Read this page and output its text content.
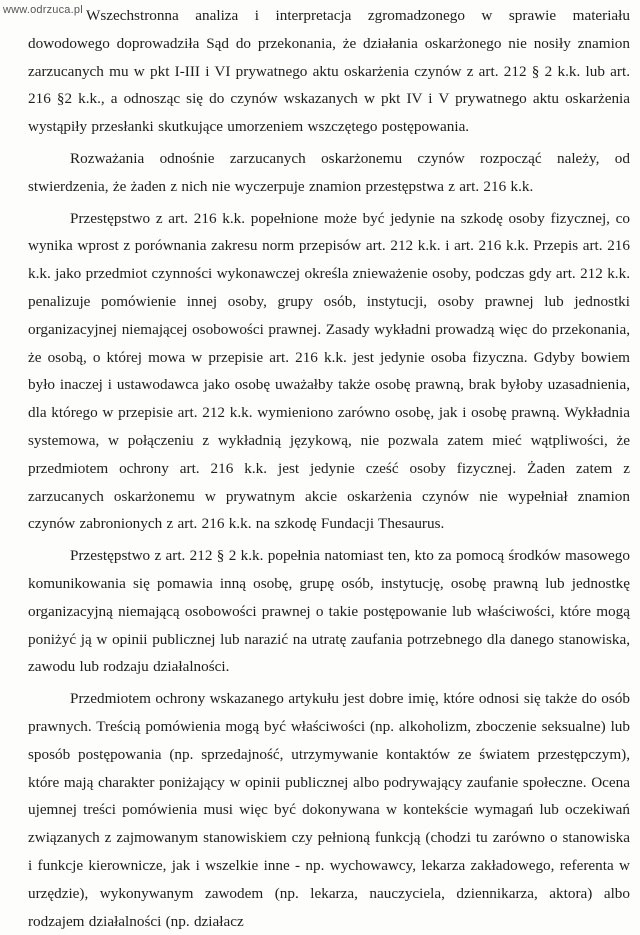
Wszechstronna analiza i interpretacja zgromadzonego w sprawie materiału dowodowego doprowadziła Sąd do przekonania, że działania oskarżonego nie nosiły znamion zarzucanych mu w pkt I-III i VI prywatnego aktu oskarżenia czynów z art. 212 § 2 k.k. lub art. 216 §2 k.k., a odnosząc się do czynów wskazanych w pkt IV i V prywatnego aktu oskarżenia wystąpiły przesłanki skutkujące umorzeniem wszczętego postępowania.

Rozważania odnośnie zarzucanych oskarżonemu czynów rozpocząć należy, od stwierdzenia, że żaden z nich nie wyczerpuje znamion przestępstwa z art. 216 k.k.

Przestępstwo z art. 216 k.k. popełnione może być jedynie na szkodę osoby fizycznej, co wynika wprost z porównania zakresu norm przepisów art. 212 k.k. i art. 216 k.k. Przepis art. 216 k.k. jako przedmiot czynności wykonawczej określa znieważenie osoby, podczas gdy art. 212 k.k. penalizuje pomówienie innej osoby, grupy osób, instytucji, osoby prawnej lub jednostki organizacyjnej niemającej osobowości prawnej. Zasady wykładni prowadzą więc do przekonania, że osobą, o której mowa w przepisie art. 216 k.k. jest jedynie osoba fizyczna. Gdyby bowiem było inaczej i ustawodawca jako osobę uważałby także osobę prawną, brak byłoby uzasadnienia, dla którego w przepisie art. 212 k.k. wymieniono zarówno osobę, jak i osobę prawną. Wykładnia systemowa, w połączeniu z wykładnią językową, nie pozwala zatem mieć wątpliwości, że przedmiotem ochrony art. 216 k.k. jest jedynie cześć osoby fizycznej. Żaden zatem z zarzucanych oskarżonemu w prywatnym akcie oskarżenia czynów nie wypełniał znamion czynów zabronionych z art. 216 k.k. na szkodę Fundacji Thesaurus.

Przestępstwo z art. 212 § 2 k.k. popełnia natomiast ten, kto za pomocą środków masowego komunikowania się pomawia inną osobę, grupę osób, instytucję, osobę prawną lub jednostkę organizacyjną niemającą osobowości prawnej o takie postępowanie lub właściwości, które mogą poniżyć ją w opinii publicznej lub narazić na utratę zaufania potrzebnego dla danego stanowiska, zawodu lub rodzaju działalności.

Przedmiotem ochrony wskazanego artykułu jest dobre imię, które odnosi się także do osób prawnych. Treścią pomówienia mogą być właściwości (np. alkoholizm, zboczenie seksualne) lub sposób postępowania (np. sprzedajność, utrzymywanie kontaktów ze światem przestępczym), które mają charakter poniżający w opinii publicznej albo podrywający zaufanie społeczne. Ocena ujemnej treści pomówienia musi więc być dokonywana w kontekście wymagań lub oczekiwań związanych z zajmowanym stanowiskiem czy pełnioną funkcją (chodzi tu zarówno o stanowiska i funkcje kierownicze, jak i wszelkie inne - np. wychowawcy, lekarza zakładowego, referenta w urzędzie), wykonywanym zawodem (np. lekarza, nauczyciela, dziennikarza, aktora) albo rodzajem działalności (np. działacz

www.odrzuca.pl
